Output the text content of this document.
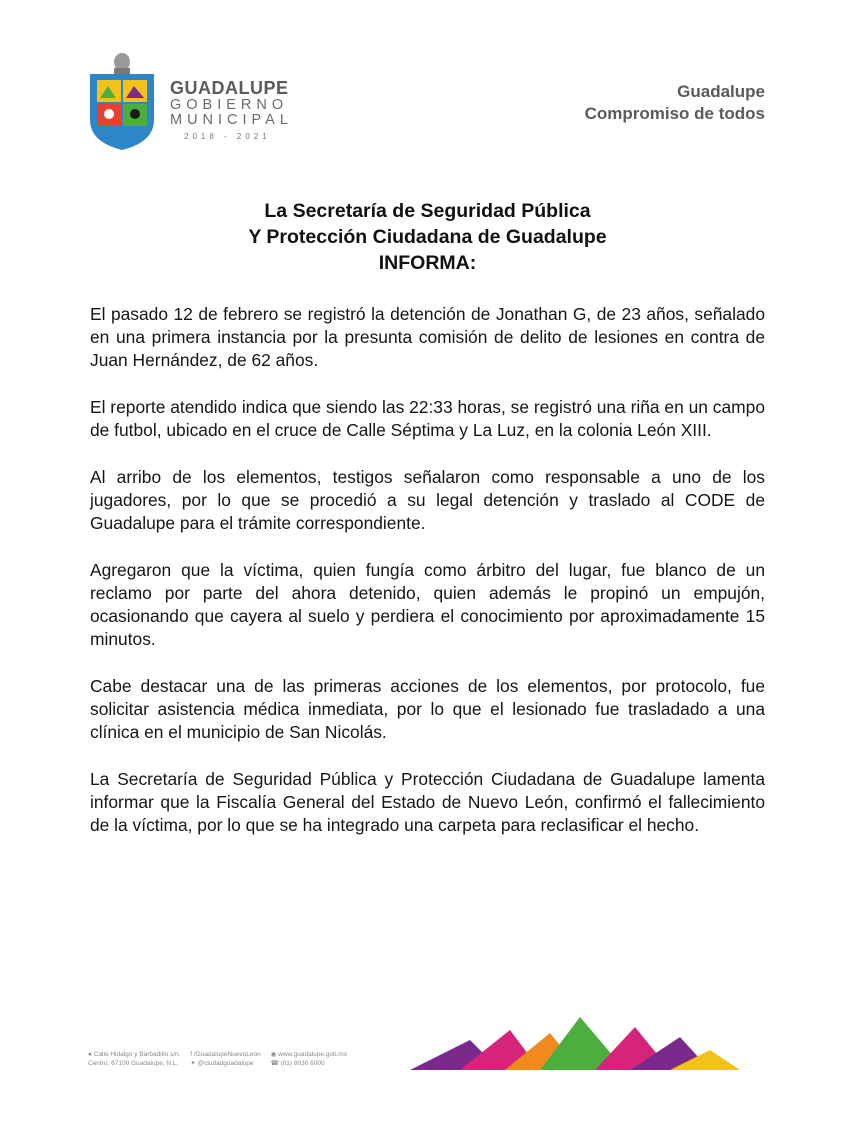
GUADALUPE
GOBIERNO
MUNICIPAL
2018 - 2021
Guadalupe
Compromiso de todos
La Secretaría de Seguridad Pública
Y Protección Ciudadana de Guadalupe
INFORMA:

El pasado 12 de febrero se registró la detención de Jonathan G, de 23 años, señalado en una primera instancia por la presunta comisión de delito de lesiones en contra de Juan Hernández, de 62 años.

El reporte atendido indica que siendo las 22:33 horas, se registró una riña en un campo de futbol, ubicado en el cruce de Calle Séptima y La Luz, en la colonia León XIII.

Al arribo de los elementos, testigos señalaron como responsable a uno de los jugadores, por lo que se procedió a su legal detención y traslado al CODE de Guadalupe para el trámite correspondiente.

Agregaron que la víctima, quien fungía como árbitro del lugar, fue blanco de un reclamo por parte del ahora detenido, quien además le propinó un empujón, ocasionando que cayera al suelo y perdiera el conocimiento por aproximadamente 15 minutos.

Cabe destacar una de las primeras acciones de los elementos, por protocolo, fue solicitar asistencia médica inmediata, por lo que el lesionado fue trasladado a una clínica en el municipio de San Nicolás.

La Secretaría de Seguridad Pública y Protección Ciudadana de Guadalupe lamenta informar que la Fiscalía General del Estado de Nuevo León, confirmó el fallecimiento de la víctima, por lo que se ha integrado una carpeta para reclasificar el hecho.

● Calle Hidalgo y Barbadillo s/n,
Centro, 67100 Guadalupe, N.L.

f /GuadalupeNuevoLeon
✦ @ciudadguadalupe

◉ www.guadalupe.gob.mx
☎ (81) 8030 6000
